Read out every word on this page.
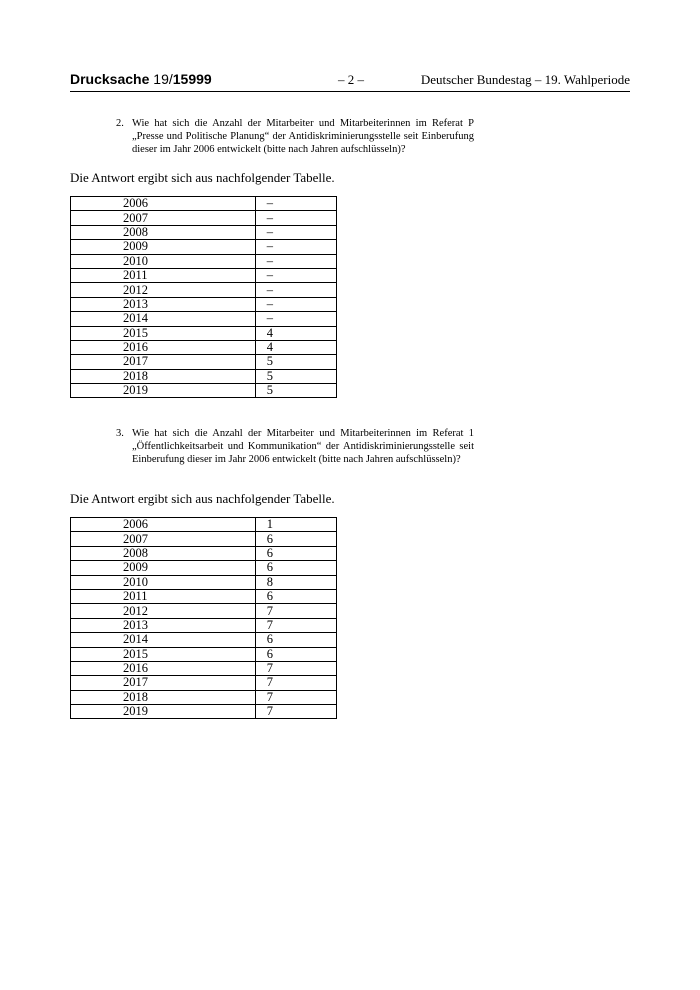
Drucksache 19/15999	– 2 –	Deutscher Bundestag – 19. Wahlperiode
2. Wie hat sich die Anzahl der Mitarbeiter und Mitarbeiterinnen im Referat P „Presse und Politische Planung“ der Antidiskriminierungsstelle seit Einberufung dieser im Jahr 2006 entwickelt (bitte nach Jahren aufschlüsseln)?
Die Antwort ergibt sich aus nachfolgender Tabelle.
2006	–
2007	–
2008	–
2009	–
2010	–
2011	–
2012	–
2013	–
2014	–
2015	4
2016	4
2017	5
2018	5
2019	5
3. Wie hat sich die Anzahl der Mitarbeiter und Mitarbeiterinnen im Referat 1 „Öffentlichkeitsarbeit und Kommunikation“ der Antidiskriminierungsstelle seit Einberufung dieser im Jahr 2006 entwickelt (bitte nach Jahren aufschlüsseln)?
Die Antwort ergibt sich aus nachfolgender Tabelle.
2006	1
2007	6
2008	6
2009	6
2010	8
2011	6
2012	7
2013	7
2014	6
2015	6
2016	7
2017	7
2018	7
2019	7
